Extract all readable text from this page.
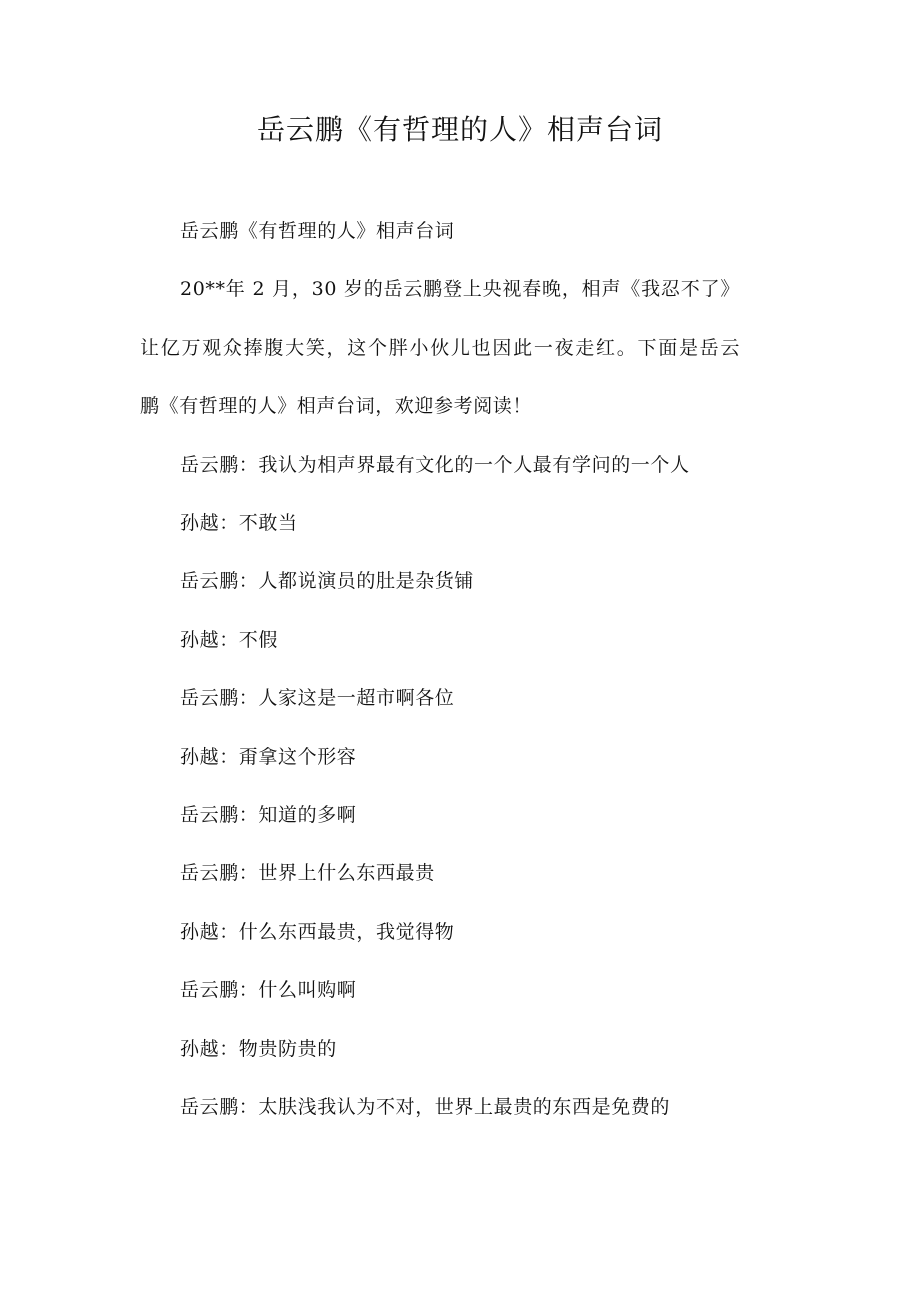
岳云鹏《有哲理的人》相声台词

岳云鹏《有哲理的人》相声台词

20**年 2 月，30 岁的岳云鹏登上央视春晚，相声《我忍不了》
让亿万观众捧腹大笑，这个胖小伙儿也因此一夜走红。下面是岳云
鹏《有哲理的人》相声台词，欢迎参考阅读！

岳云鹏：我认为相声界最有文化的一个人最有学问的一个人

孙越：不敢当

岳云鹏：人都说演员的肚是杂货铺

孙越：不假

岳云鹏：人家这是一超市啊各位

孙越：甭拿这个形容

岳云鹏：知道的多啊

岳云鹏：世界上什么东西最贵

孙越：什么东西最贵，我觉得物

岳云鹏：什么叫购啊

孙越：物贵防贵的

岳云鹏：太肤浅我认为不对，世界上最贵的东西是免费的
